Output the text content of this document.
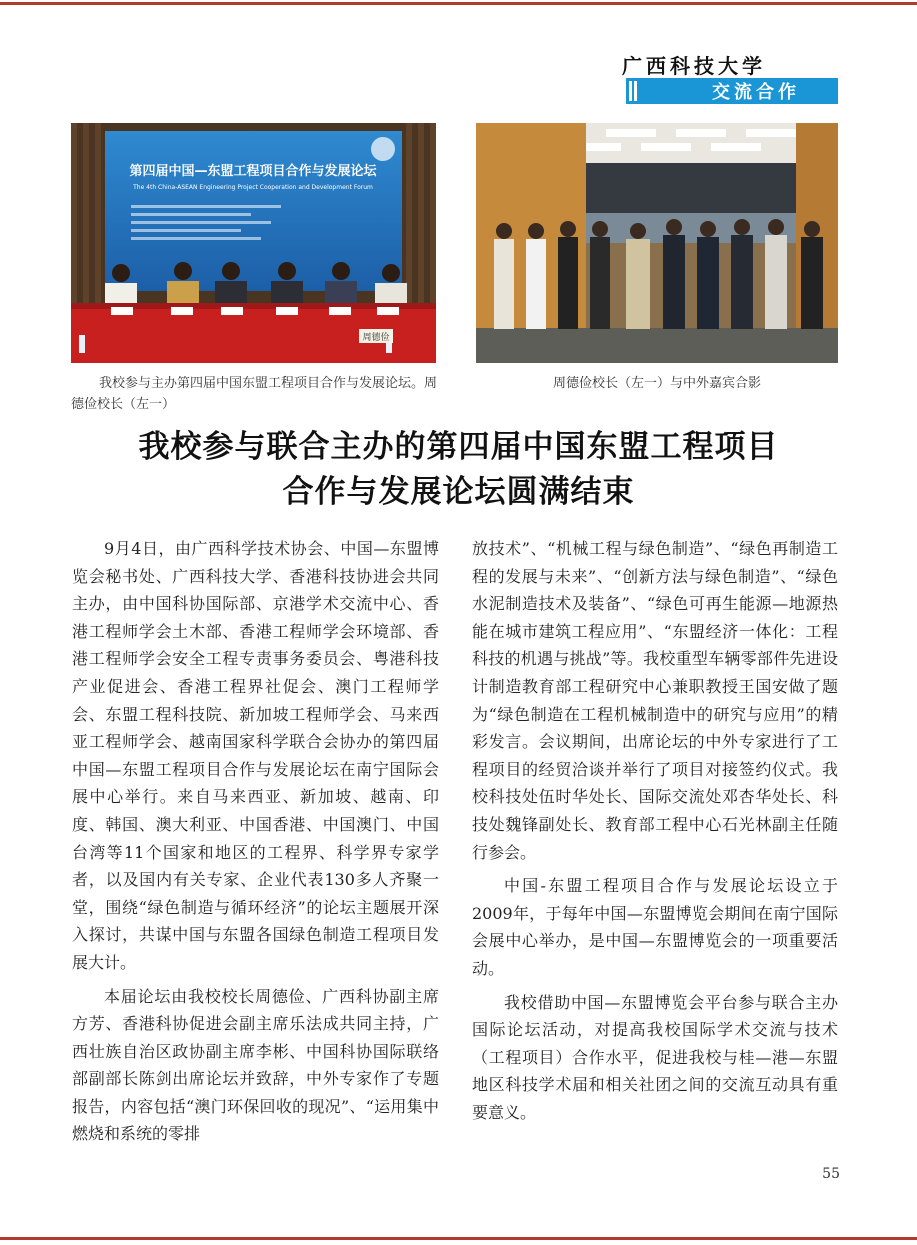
广西科技大学
交流合作
第四届中国—东盟工程项目合作与发展论坛
The 4th China-ASEAN Engineering Project Cooperation and Development Forum
周德俭
我校参与主办第四届中国东盟工程项目合作与发展论坛。周德俭校长（左一）
周德俭校长（左一）与中外嘉宾合影
我校参与联合主办的第四届中国东盟工程项目
合作与发展论坛圆满结束

9月4日，由广西科学技术协会、中国—东盟博览会秘书处、广西科技大学、香港科技协进会共同主办，由中国科协国际部、京港学术交流中心、香港工程师学会土木部、香港工程师学会环境部、香港工程师学会安全工程专责事务委员会、粤港科技产业促进会、香港工程界社促会、澳门工程师学会、东盟工程科技院、新加坡工程师学会、马来西亚工程师学会、越南国家科学联合会协办的第四届中国—东盟工程项目合作与发展论坛在南宁国际会展中心举行。来自马来西亚、新加坡、越南、印度、韩国、澳大利亚、中国香港、中国澳门、中国台湾等11个国家和地区的工程界、科学界专家学者，以及国内有关专家、企业代表130多人齐聚一堂，围绕“绿色制造与循环经济”的论坛主题展开深入探讨，共谋中国与东盟各国绿色制造工程项目发展大计。

本届论坛由我校校长周德俭、广西科协副主席方芳、香港科协促进会副主席乐法成共同主持，广西壮族自治区政协副主席李彬、中国科协国际联络部副部长陈剑出席论坛并致辞，中外专家作了专题报告，内容包括“澳门环保回收的现况”、“运用集中燃烧和系统的零排

放技术”、“机械工程与绿色制造”、“绿色再制造工程的发展与未来”、“创新方法与绿色制造”、“绿色水泥制造技术及装备”、“绿色可再生能源—地源热能在城市建筑工程应用”、“东盟经济一体化：工程科技的机遇与挑战”等。我校重型车辆零部件先进设计制造教育部工程研究中心兼职教授王国安做了题为“绿色制造在工程机械制造中的研究与应用”的精彩发言。会议期间，出席论坛的中外专家进行了工程项目的经贸洽谈并举行了项目对接签约仪式。我校科技处伍时华处长、国际交流处邓杏华处长、科技处魏锋副处长、教育部工程中心石光林副主任随行参会。

中国-东盟工程项目合作与发展论坛设立于2009年，于每年中国—东盟博览会期间在南宁国际会展中心举办，是中国—东盟博览会的一项重要活动。

我校借助中国—东盟博览会平台参与联合主办国际论坛活动，对提高我校国际学术交流与技术（工程项目）合作水平，促进我校与桂—港—东盟地区科技学术届和相关社团之间的交流互动具有重要意义。

55
